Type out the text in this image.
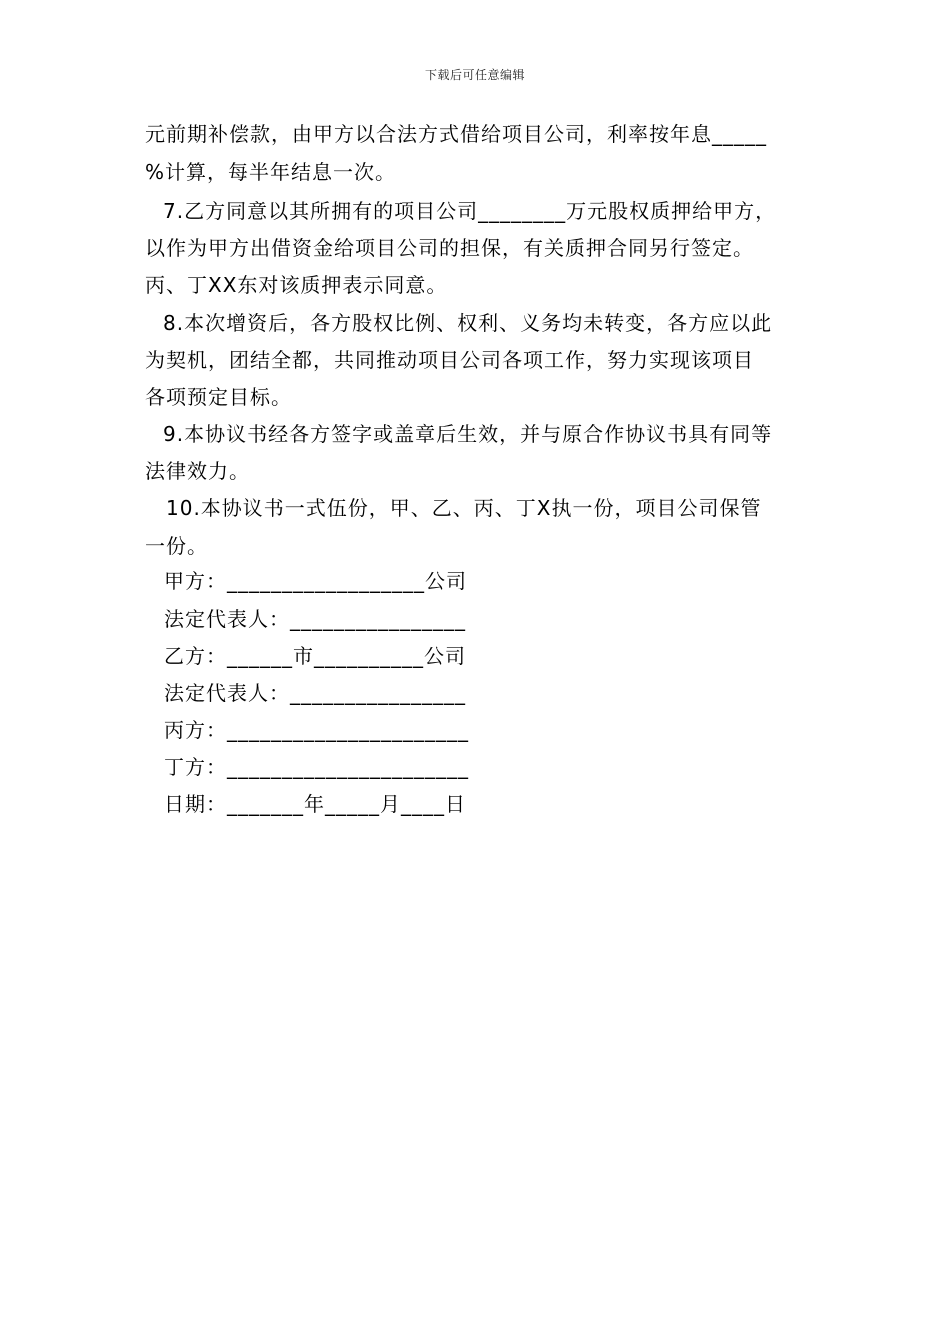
下载后可任意编辑
元前期补偿款，由甲方以合法方式借给项目公司，利率按年息_____
%计算，每半年结息一次。
7.乙方同意以其所拥有的项目公司________万元股权质押给甲方，
以作为甲方出借资金给项目公司的担保，有关质押合同另行签定。
丙、丁XX东对该质押表示同意。
8.本次增资后，各方股权比例、权利、义务均未转变，各方应以此
为契机，团结全都，共同推动项目公司各项工作，努力实现该项目
各项预定目标。
9.本协议书经各方签字或盖章后生效，并与原合作协议书具有同等
法律效力。
10.本协议书一式伍份，甲、乙、丙、丁X执一份，项目公司保管
一份。
甲方：__________________公司
法定代表人：________________
乙方：______市__________公司
法定代表人：________________
丙方：______________________
丁方：______________________
日期：_______年_____月____日
